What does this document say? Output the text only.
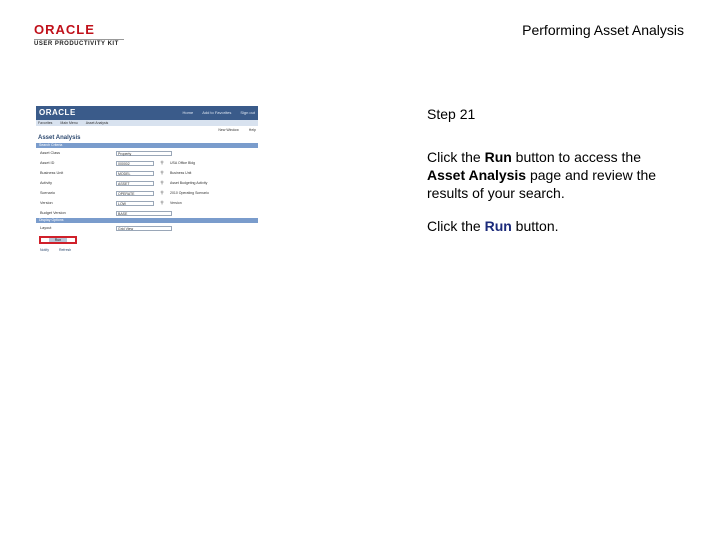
ORACLE
USER PRODUCTIVITY KIT
Performing Asset Analysis
ORACLE	Home Add to Favorites Sign out
Favorites Main Menu Asset Analysis
New Window	Help
Asset Analysis
Search Criteria
Asset Class	Property
Asset ID	000002	⚲	USA Office Bldg
Business Unit	MODEL	⚲	Business Unit
Activity	ASSET	⚲	Asset Budgeting Activity
Scenario	OPERATE	⚲	2010 Operating Scenario
Version	LOW	⚲	Version
Budget Version	BASE
Display Options
Layout	Grid View
Run
Notify	Refresh
Step 21

Click the Run button to access the Asset Analysis page and review the results of your search.

Click the Run button.
